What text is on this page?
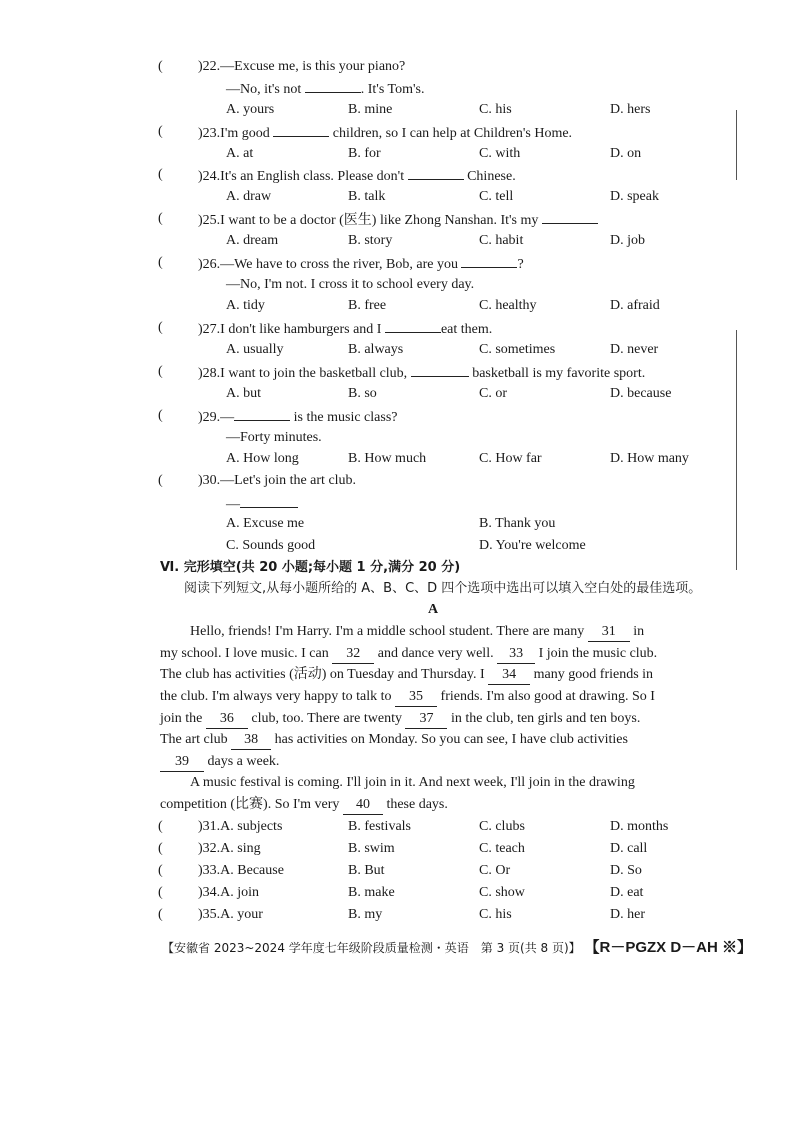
(	)22.—Excuse me, is this your piano?
—No, it's not	. It's Tom's.
A. yours	B. mine	C. his	D. hers
(	)23.I'm good	children, so I can help at Children's Home.
A. at	B. for	C. with	D. on
(	)24.It's an English class. Please don't	Chinese.
A. draw	B. talk	C. tell	D. speak
(	)25.I want to be a doctor (医生) like Zhong Nanshan. It's my
A. dream	B. story	C. habit	D. job
(	)26.—We have to cross the river, Bob, are you	?
—No, I'm not. I cross it to school every day.
A. tidy	B. free	C. healthy	D. afraid
(	)27.I don't like hamburgers and I	eat them.
A. usually	B. always	C. sometimes	D. never
(	)28.I want to join the basketball club,	basketball is my favorite sport.
A. but	B. so	C. or	D. because
(	)29.—	is the music class?
—Forty minutes.
A. How long	B. How much	C. How far	D. How many
(	)30.—Let's join the art club.
—
A. Excuse me	B. Thank you
C. Sounds good	D. You're welcome
Ⅵ. 完形填空(共 20 小题;每小题 1 分,满分 20 分)
阅读下列短文,从每小题所给的 A、B、C、D 四个选项中选出可以填入空白处的最佳选项。
A
Hello, friends! I'm Harry. I'm a middle school student. There are many 31 in
my school. I love music. I can 32 and dance very well. 33 I join the music club.
The club has activities (活动) on Tuesday and Thursday. I 34 many good friends in
the club. I'm always very happy to talk to 35 friends. I'm also good at drawing. So I
join the 36 club, too. There are twenty 37 in the club, ten girls and ten boys.
The art club 38 has activities on Monday. So you can see, I have club activities
39 days a week.
A music festival is coming. I'll join in it. And next week, I'll join in the drawing
competition (比赛). So I'm very 40 these days.
(	)31.A. subjects	B. festivals	C. clubs	D. months
(	)32.A. sing	B. swim	C. teach	D. call
(	)33.A. Because	B. But	C. Or	D. So
(	)34.A. join	B. make	C. show	D. eat
(	)35.A. your	B. my	C. his	D. her
【安徽省 2023~2024 学年度七年级阶段质量检测・英语　第 3 页(共 8 页)】 【R－PGZX D－AH ※】
